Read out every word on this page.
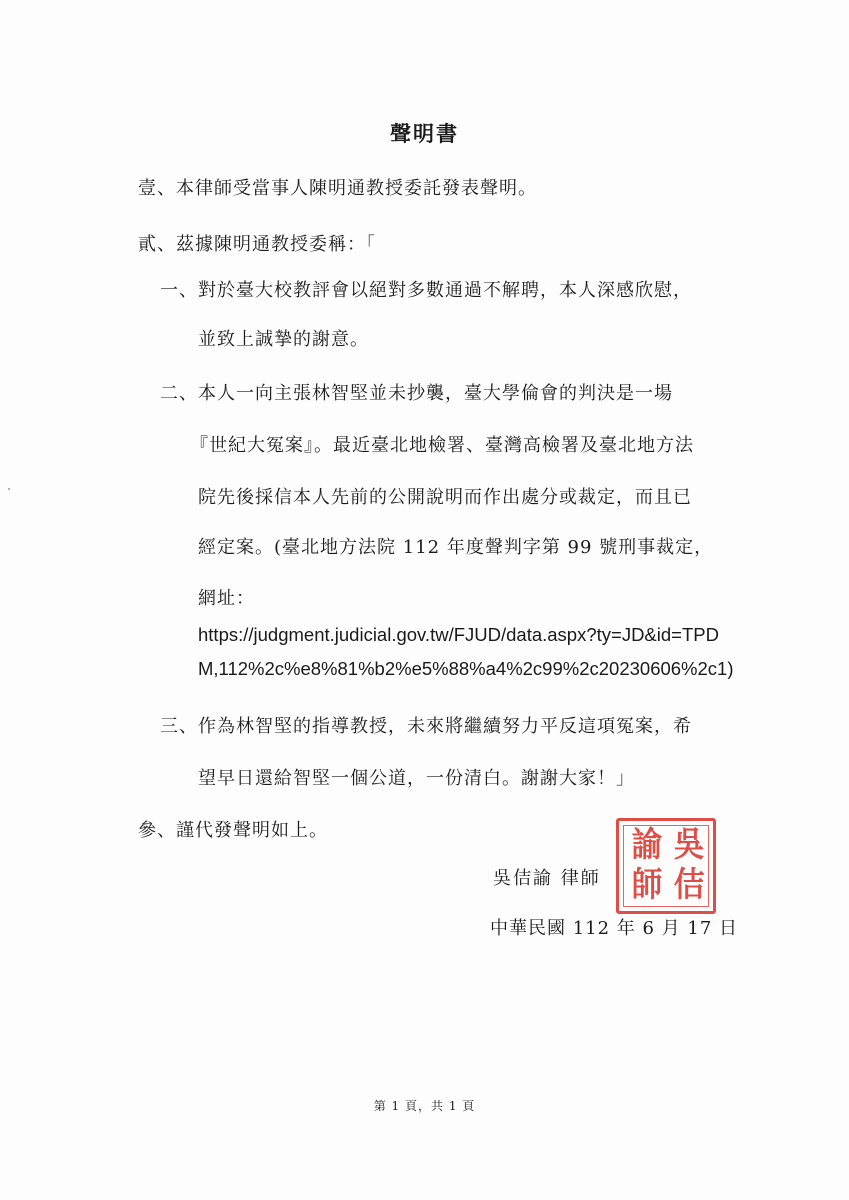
聲明書
壹、本律師受當事人陳明通教授委託發表聲明。
貳、茲據陳明通教授委稱：「
一、對於臺大校教評會以絕對多數通過不解聘，本人深感欣慰，
並致上誠摯的謝意。
二、本人一向主張林智堅並未抄襲，臺大學倫會的判決是一場
『世紀大冤案』。最近臺北地檢署、臺灣高檢署及臺北地方法
院先後採信本人先前的公開說明而作出處分或裁定，而且已
經定案。(臺北地方法院 112 年度聲判字第 99 號刑事裁定，
網址：
https://judgment.judicial.gov.tw/FJUD/data.aspx?ty=JD&id=TPD
M,112%2c%e8%81%b2%e5%88%a4%2c99%2c20230606%2c1)
三、作為林智堅的指導教授，未來將繼續努力平反這項冤案，希
望早日還給智堅一個公道，一份清白。謝謝大家！」
參、謹代發聲明如上。
吳佶諭 律師
吳
佶
諭
師
中華民國 112 年 6 月 17 日
第 1 頁，共 1 頁
